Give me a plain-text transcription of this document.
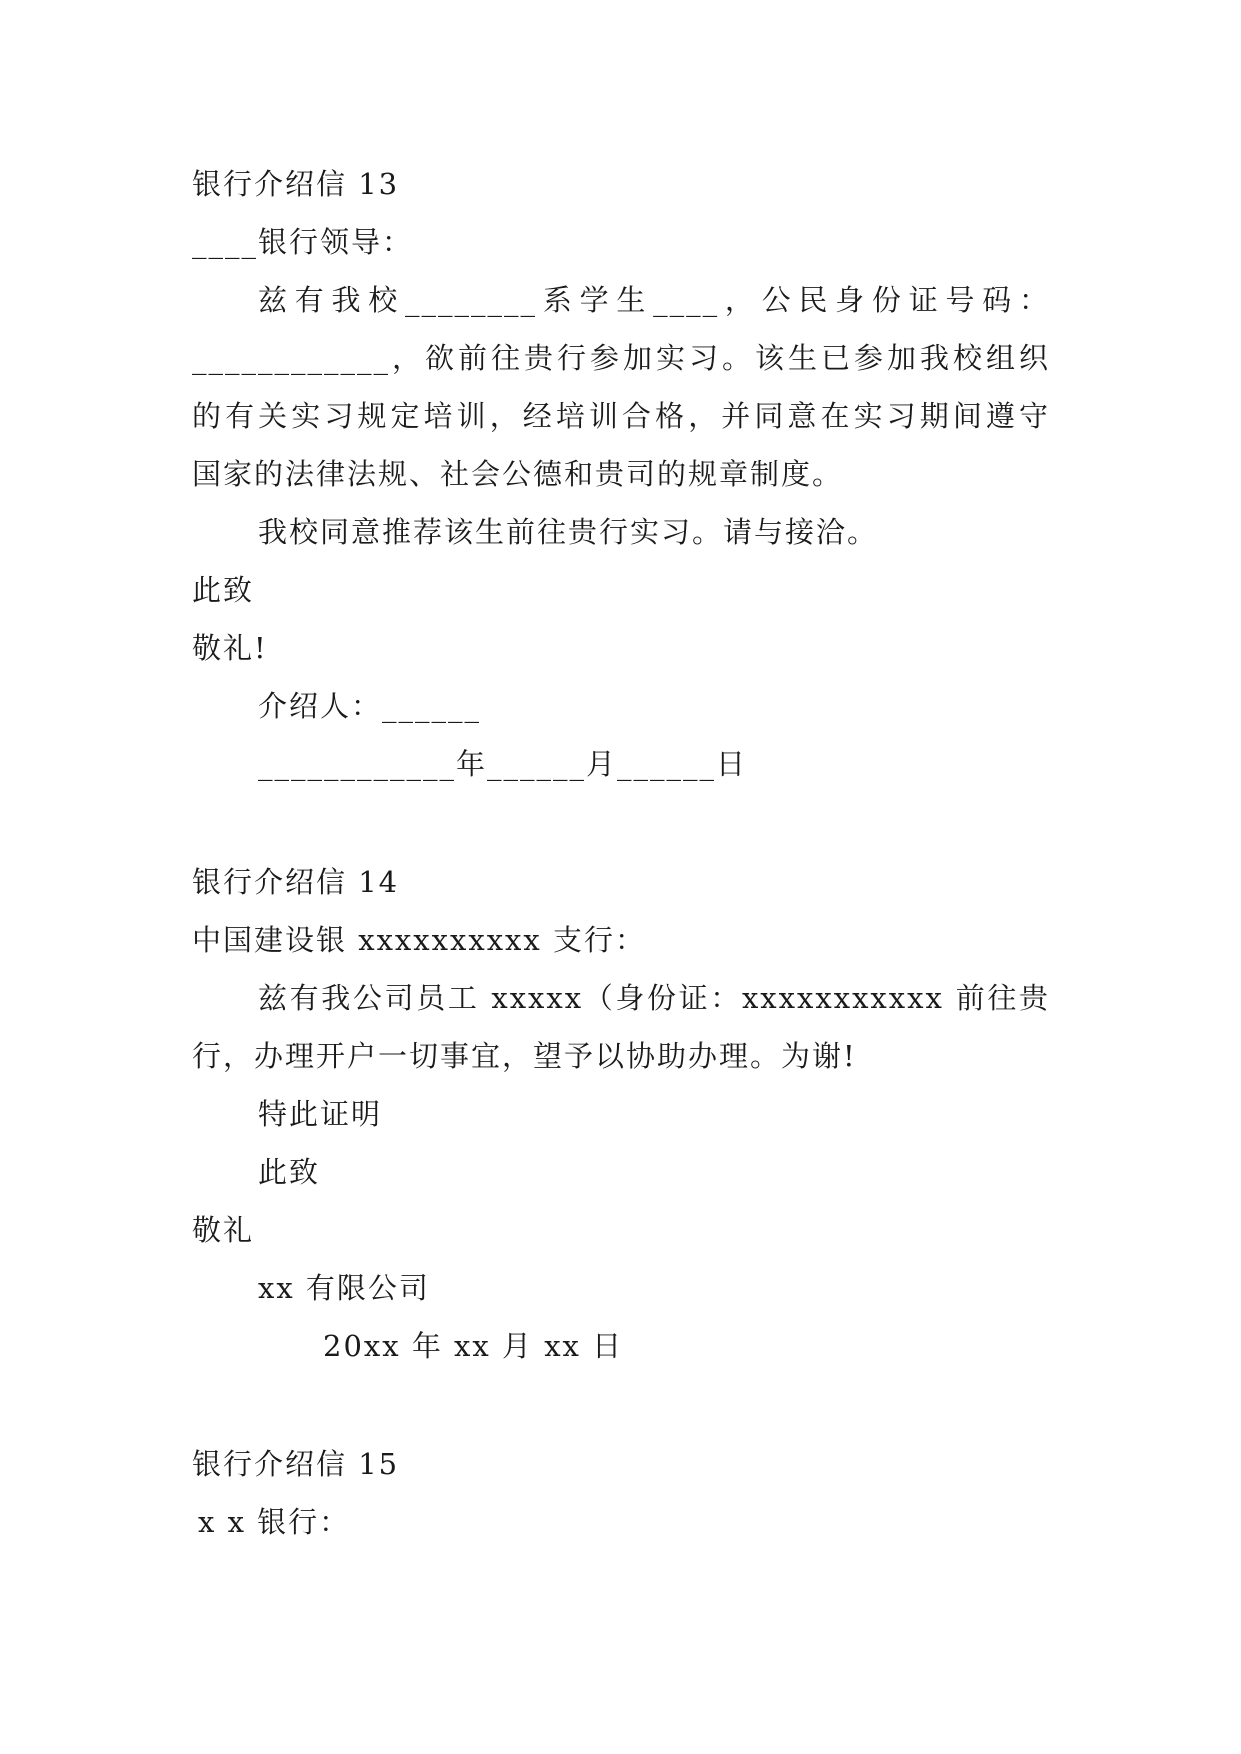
银行介绍信 13
____银行领导：
兹有我校________系学生____，公民身份证号码：
____________，欲前往贵行参加实习。该生已参加我校组织
的有关实习规定培训，经培训合格，并同意在实习期间遵守
国家的法律法规、社会公德和贵司的规章制度。
我校同意推荐该生前往贵行实习。请与接洽。
此致
敬礼!
介绍人：______
____________年______月______日
银行介绍信 14
中国建设银 xxxxxxxxxx 支行：
兹有我公司员工 xxxxx（身份证：xxxxxxxxxxx 前往贵
行，办理开户一切事宜，望予以协助办理。为谢!
特此证明
此致
敬礼
xx 有限公司
20xx 年 xx 月 xx 日
银行介绍信 15
x x 银行：
